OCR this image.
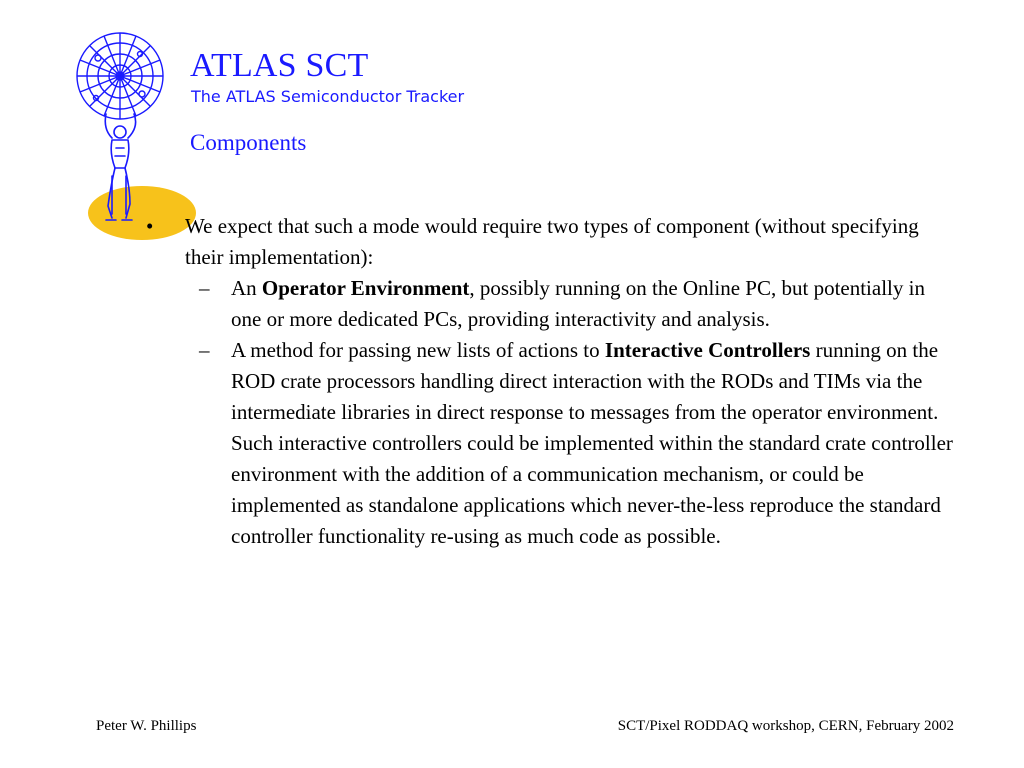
ATLAS SCT
The ATLAS Semiconductor Tracker
Components
• We expect that such a mode would require two types of component (without specifying their implementation):
– An Operator Environment, possibly running on the Online PC, but potentially in one or more dedicated PCs, providing interactivity and analysis.
– A method for passing new lists of actions to Interactive Controllers running on the ROD crate processors handling direct interaction with the RODs and TIMs via the intermediate libraries in direct response to messages from the operator environment. Such interactive controllers could be implemented within the standard crate controller environment with the addition of a communication mechanism, or could be implemented as standalone applications which never-the-less reproduce the standard controller functionality re-using as much code as possible.
Peter W. Phillips	SCT/Pixel RODDAQ workshop, CERN, February 2002
